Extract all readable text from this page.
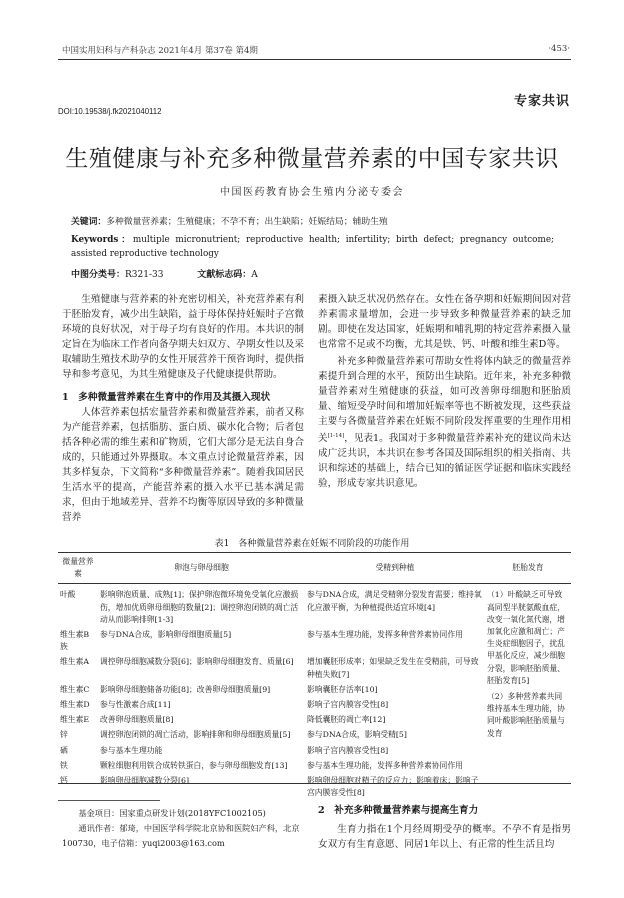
中国实用妇科与产科杂志 2021年4月 第37卷 第4期	·453·
专家共识
DOI:10.19538/j.fk2021040112
生殖健康与补充多种微量营养素的中国专家共识
中国医药教育协会生殖内分泌专委会
关键词：多种微量营养素；生殖健康；不孕不育；出生缺陷；妊娠结局；辅助生殖
Keywords：multiple micronutrient; reproductive health; infertility; birth defect; pregnancy outcome; assisted reproductive technology
中图分类号：R321-33	文献标志码：A

生殖健康与营养素的补充密切相关，补充营养素有利于胚胎发育，减少出生缺陷，益于母体保持妊娠时子宫微环境的良好状况，对于母子均有良好的作用。本共识的制定旨在为临床工作者向备孕期夫妇双方、孕期女性以及采取辅助生殖技术助孕的女性开展营养干预咨询时，提供指导和参考意见，为其生殖健康及子代健康提供帮助。

1　多种微量营养素在生育中的作用及其摄入现状

人体营养素包括宏量营养素和微量营养素，前者又称为产能营养素，包括脂肪、蛋白质、碳水化合物；后者包括各种必需的维生素和矿物质，它们大部分是无法自身合成的，只能通过外界摄取。本文重点讨论微量营养素，因其多样复杂，下文简称“多种微量营养素”。随着我国居民生活水平的提高，产能营养素的摄入水平已基本满足需求，但由于地域差异、营养不均衡等原因导致的多种微量营养

素摄入缺乏状况仍然存在。女性在备孕期和妊娠期间因对营养素需求量增加，会进一步导致多种微量营养素的缺乏加剧。即使在发达国家，妊娠期和哺乳期的特定营养素摄入量也常常不足或不均衡，尤其是铁、钙、叶酸和维生素D等。

补充多种微量营养素可帮助女性将体内缺乏的微量营养素提升到合理的水平，预防出生缺陷。近年来，补充多种微量营养素对生殖健康的获益，如可改善卵母细胞和胚胎质量、缩短受孕时间和增加妊娠率等也不断被发现，这些获益主要与各微量营养素在妊娠不同阶段发挥重要的生理作用相关[1-14]，见表1。我国对于多种微量营养素补充的建议尚未达成广泛共识，本共识在参考各国及国际组织的相关指南、共识和综述的基础上，结合已知的循证医学证据和临床实践经验，形成专家共识意见。

表1　各种微量营养素在妊娠不同阶段的功能作用
微量营养素	卵泡与卵母细胞	受精到种植	胚胎发育
叶酸	影响卵泡质量、成熟[1]；保护卵泡微环境免受氧化应激损伤，增加优质卵母细胞的数量[2]；调控卵泡闭锁的凋亡活动从而影响排卵[1-3]	参与DNA合成，满足受精卵分裂发育需要；维持氧化应激平衡，为种植提供适宜环境[4]	（1）叶酸缺乏可导致高同型半胱氨酸血症，改变一氧化氮代谢，增加氧化应激和凋亡；产生炎症细胞因子，扰乱甲基化反应，减少细胞分裂，影响胚胎质量、胚胎发育[5]
（2）多种营养素共同维持基本生理功能，协同叶酸影响胚胎质量与发育

维生素B族	参与DNA合成，影响卵母细胞质量[5]	参与基本生理功能，发挥多种营养素协同作用	
维生素A	调控卵母细胞减数分裂[6]；影响卵母细胞发育、质量[6]	增加囊胚形成率；如果缺乏发生在受精前，可导致种植失败[7]	
维生素C	影响卵母细胞储备功能[8]；改善卵母细胞质量[9]	影响囊胚存活率[10]	
维生素D	参与性激素合成[11]	影响子宫内膜容受性[8]	
维生素E	改善卵母细胞质量[8]	降低囊胚的凋亡率[12]	
锌	调控卵泡闭锁的凋亡活动，影响排卵和卵母细胞质量[5]	参与DNA合成，影响受精[5]	
硒	参与基本生理功能	影响子宫内膜容受性[8]	
铁	颗粒细胞利用铁合成转铁蛋白，参与卵母细胞发育[13]	参与基本生理功能，发挥多种营养素协同作用	
钙	影响卵母细胞减数分裂[6]	影响卵母细胞对精子的反应力；影响着床；影响子宫内膜容受性[8]	
基金项目：国家重点研发计划(2018YFC1002105)
通讯作者：郁琦，中国医学科学院北京协和医院妇产科，北京100730，电子信箱：yuqi2003@163.com

2　补充多种微量营养素与提高生育力

生育力指在1个月经周期受孕的概率。不孕不育是指男女双方有生育意愿、同居1年以上、有正常的性生活且均
